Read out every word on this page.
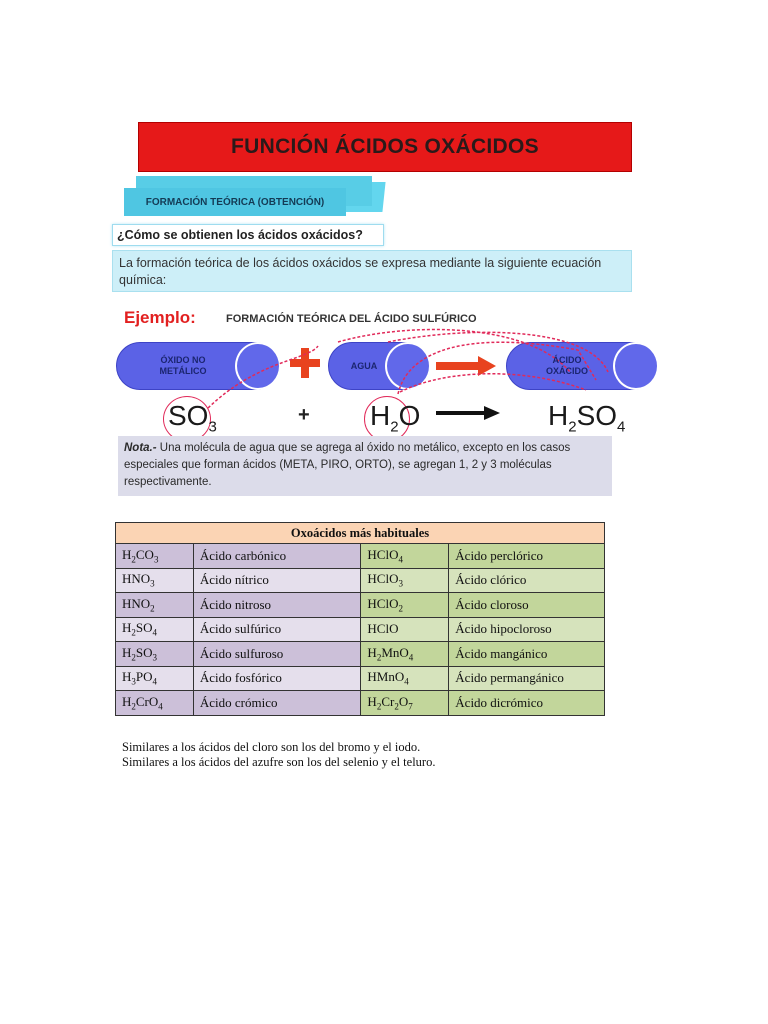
FUNCIÓN ÁCIDOS OXÁCIDOS
FORMACIÓN TEÓRICA (OBTENCIÓN)
¿Cómo se obtienen los ácidos oxácidos?
La formación teórica de los ácidos oxácidos se expresa mediante la siguiente ecuación química:
Ejemplo:	FORMACIÓN TEÓRICA DEL ÁCIDO SULFÚRICO
ÓXIDO NO METÁLICO
AGUA
ÁCIDO OXÁCIDO
$SO_3$
+ $H_2O \to H_2SO_4$
Nota.- Una molécula de agua que se agrega al óxido no metálico, excepto en los casos especiales que forman ácidos (META, PIRO, ORTO), se agregan 1, 2 y 3 moléculas respectivamente.
Oxoácidos más habituales			
$H_2CO_3$	Ácido carbónico	HClO$_4$	Ácido perclórico
$HNO_3$	Ácido nítrico	HClO$_3$	Ácido clórico
$HNO_2$	Ácido nitroso	HClO$_2$	Ácido cloroso
$H_2SO_4$	Ácido sulfúrico	HClO	Ácido hipocloroso
$H_2SO_3$	Ácido sulfuroso	$H_2MnO_4$	Ácido mangánico
$H_3PO_4$	Ácido fosfórico	HMnO$_4$	Ácido permangánico
$H_2CrO_4$	Ácido crómico	$H_2Cr_2O_7$	Ácido dicrómico
Similares a los ácidos del cloro son los del bromo y el iodo.
Similares a los ácidos del azufre son los del selenio y el teluro.
